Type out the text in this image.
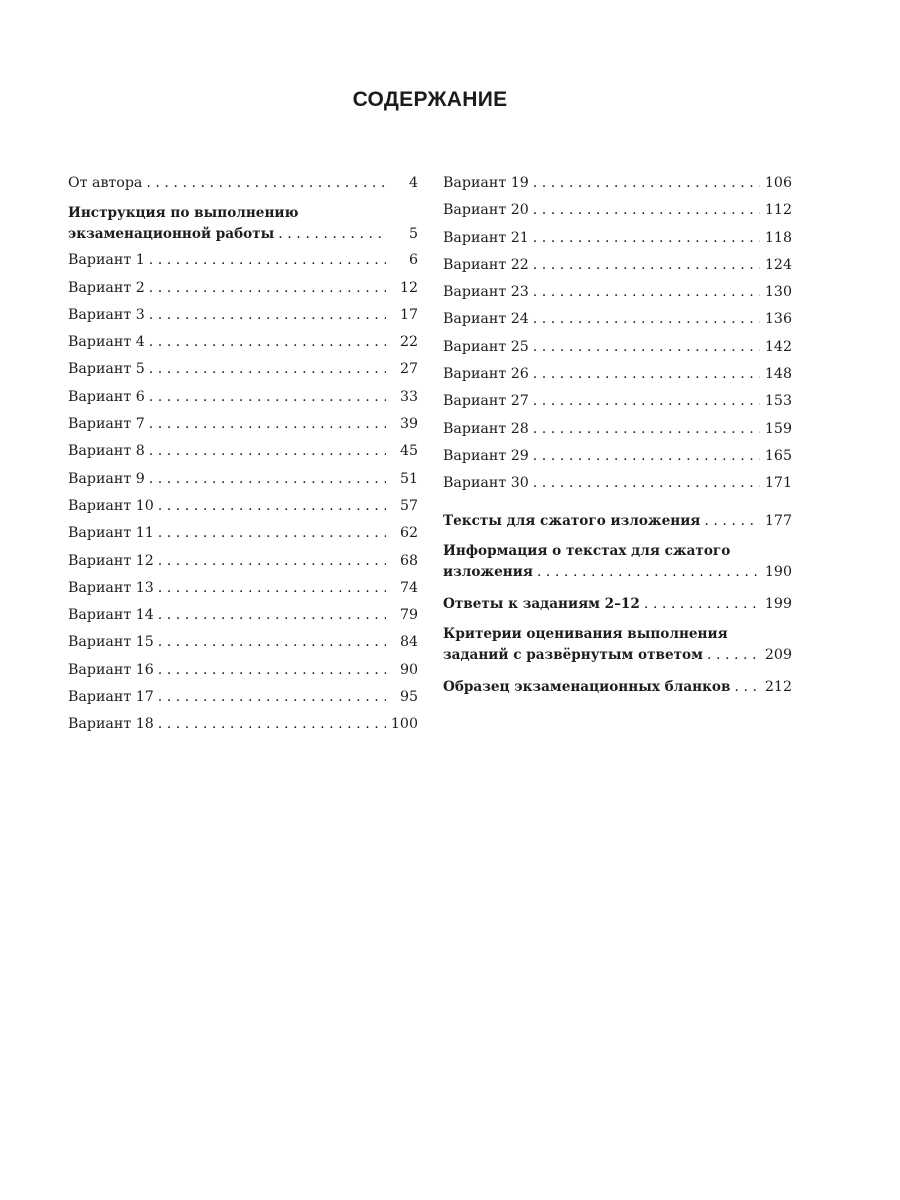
СОДЕРЖАНИЕ
От автора . . .	4
Инструкция по выполнению
экзаменационной работы . . .	5
Вариант 1 . . .	6
Вариант 2 . . .	12
Вариант 3 . . .	17
Вариант 4 . . .	22
Вариант 5 . . .	27
Вариант 6 . . .	33
Вариант 7 . . .	39
Вариант 8 . . .	45
Вариант 9 . . .	51
Вариант 10 . . .	57
Вариант 11 . . .	62
Вариант 12 . . .	68
Вариант 13 . . .	74
Вариант 14 . . .	79
Вариант 15 . . .	84
Вариант 16 . . .	90
Вариант 17 . . .	95
Вариант 18 . . .	100
Вариант 19 . . .	106
Вариант 20 . . .	112
Вариант 21 . . .	118
Вариант 22 . . .	124
Вариант 23 . . .	130
Вариант 24 . . .	136
Вариант 25 . . .	142
Вариант 26 . . .	148
Вариант 27 . . .	153
Вариант 28 . . .	159
Вариант 29 . . .	165
Вариант 30 . . .	171
Тексты для сжатого изложения . . .	177
Информация о текстах для сжатого
изложения . . .	190
Ответы к заданиям 2–12 . . .	199
Критерии оценивания выполнения
заданий с развёрнутым ответом . . .	209
Образец экзаменационных бланков . . .	212
